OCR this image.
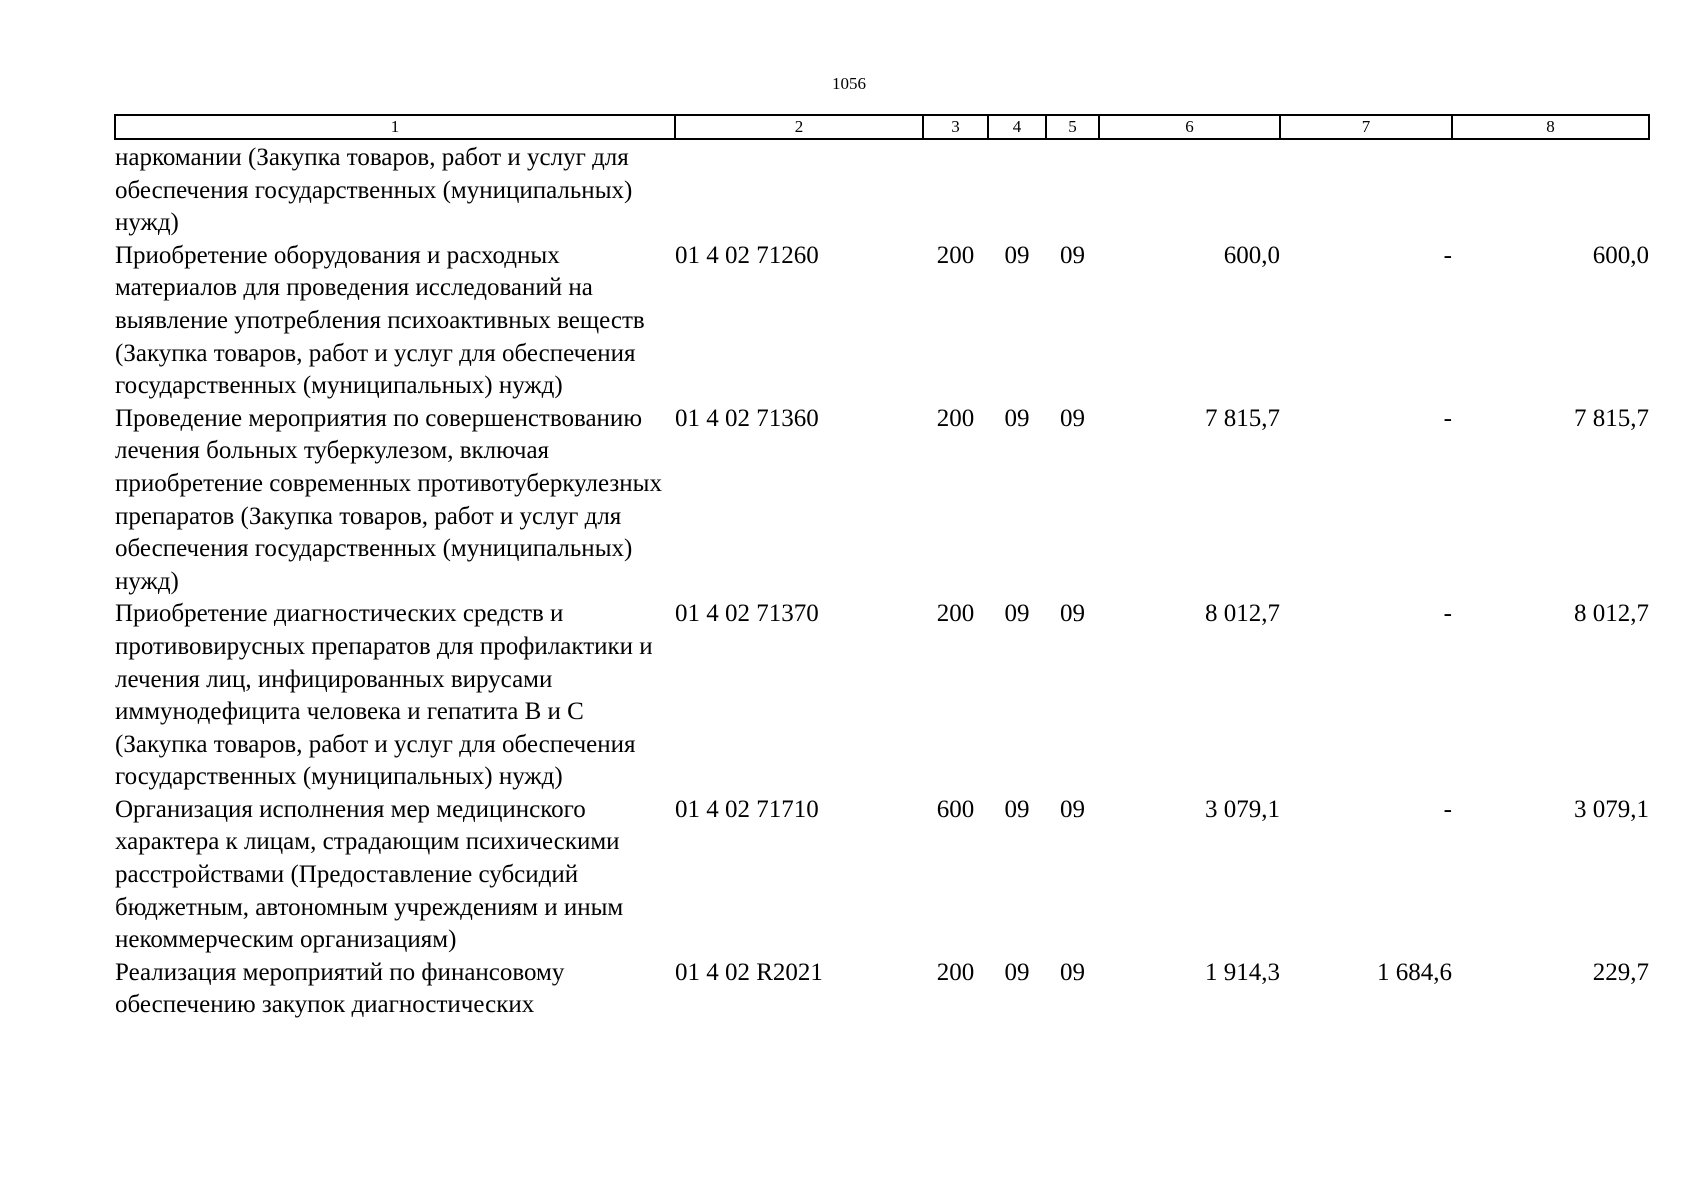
1056
1	2	3	4	5	6	7	8
наркомании (Закупка товаров, работ и услуг для обеспечения государственных (муниципальных) нужд)							
Приобретение оборудования и расходных материалов для проведения исследований на выявление употребления психоактивных веществ (Закупка товаров, работ и услуг для обеспечения государственных (муниципальных) нужд)	01 4 02 71260	200	09	09	600,0	-	600,0
Проведение мероприятия по совершенствованию лечения больных туберкулезом, включая приобретение современных противотуберкулезных препаратов (Закупка товаров, работ и услуг для обеспечения государственных (муниципальных) нужд)	01 4 02 71360	200	09	09	7 815,7	-	7 815,7
Приобретение диагностических средств и противовирусных препаратов для профилактики и лечения лиц, инфицированных вирусами иммунодефицита человека и гепатита В и С (Закупка товаров, работ и услуг для обеспечения государственных (муниципальных) нужд)	01 4 02 71370	200	09	09	8 012,7	-	8 012,7
Организация исполнения мер медицинского характера к лицам, страдающим психическими расстройствами (Предоставление субсидий бюджетным, автономным учреждениям и иным некоммерческим организациям)	01 4 02 71710	600	09	09	3 079,1	-	3 079,1
Реализация мероприятий по финансовому обеспечению закупок диагностических	01 4 02 R2021	200	09	09	1 914,3	1 684,6	229,7
